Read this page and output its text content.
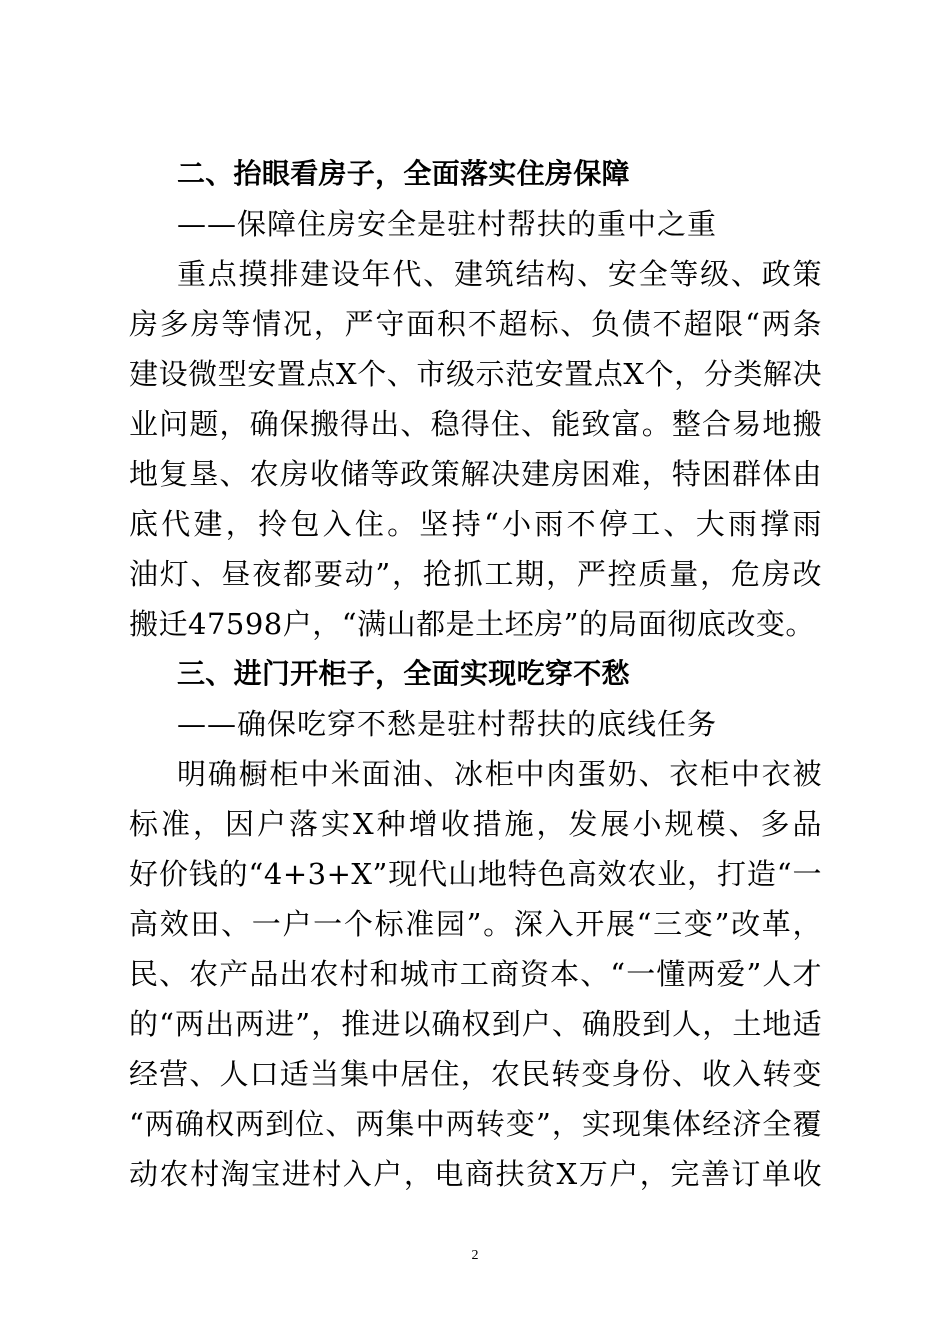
二、抬眼看房子，全面落实住房保障
——保障住房安全是驻村帮扶的重中之重
重点摸排建设年代、建筑结构、安全等级、政策
房多房等情况，严守面积不超标、负债不超限“两条
建设微型安置点X个、市级示范安置点X个，分类解决
业问题，确保搬得出、稳得住、能致富。整合易地搬
地复垦、农房收储等政策解决建房困难，特困群体由
底代建，拎包入住。坚持“小雨不停工、大雨撑雨
油灯、昼夜都要动”，抢抓工期，严控质量，危房改
搬迁47598户，“满山都是土坯房”的局面彻底改变。
三、进门开柜子，全面实现吃穿不愁
——确保吃穿不愁是驻村帮扶的底线任务
明确橱柜中米面油、冰柜中肉蛋奶、衣柜中衣被
标准，因户落实X种增收措施，发展小规模、多品
好价钱的“4+3+X”现代山地特色高效农业，打造“一
高效田、一户一个标准园”。深入开展“三变”改革，
民、农产品出农村和城市工商资本、“一懂两爱”人才
的“两出两进”，推进以确权到户、确股到人，土地适
经营、人口适当集中居住，农民转变身份、收入转变
“两确权两到位、两集中两转变”，实现集体经济全覆
动农村淘宝进村入户，电商扶贫X万户，完善订单收
2
